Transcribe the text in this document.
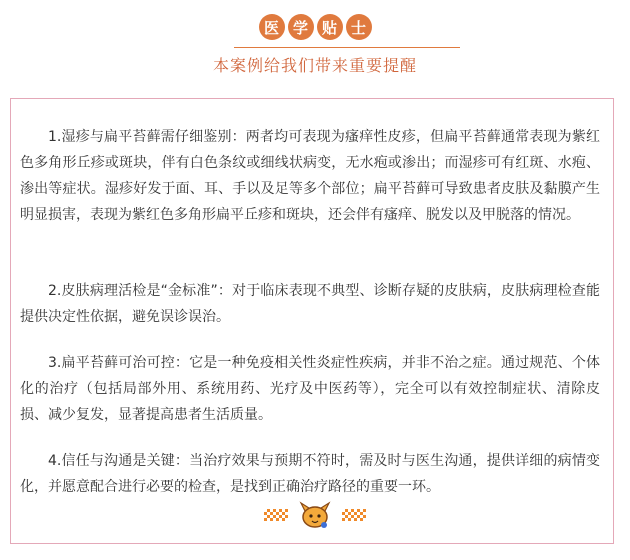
医 学 贴 士
本案例给我们带来重要提醒

1.湿疹与扁平苔藓需仔细鉴别：两者均可表现为瘙痒性皮疹，但扁平苔藓通常表现为紫红色多角形丘疹或斑块，伴有白色条纹或细线状病变，无水疱或渗出；而湿疹可有红斑、水疱、渗出等症状。湿疹好发于面、耳、手以及足等多个部位；扁平苔藓可导致患者皮肤及黏膜产生明显损害，表现为紫红色多角形扁平丘疹和斑块，还会伴有瘙痒、脱发以及甲脱落的情况。

2.皮肤病理活检是“金标准”：对于临床表现不典型、诊断存疑的皮肤病，皮肤病理检查能提供决定性依据，避免误诊误治。

3.扁平苔藓可治可控：它是一种免疫相关性炎症性疾病，并非不治之症。通过规范、个体化的治疗（包括局部外用、系统用药、光疗及中医药等），完全可以有效控制症状、清除皮损、减少复发，显著提高患者生活质量。

4.信任与沟通是关键：当治疗效果与预期不符时，需及时与医生沟通，提供详细的病情变化，并愿意配合进行必要的检查，是找到正确治疗路径的重要一环。
